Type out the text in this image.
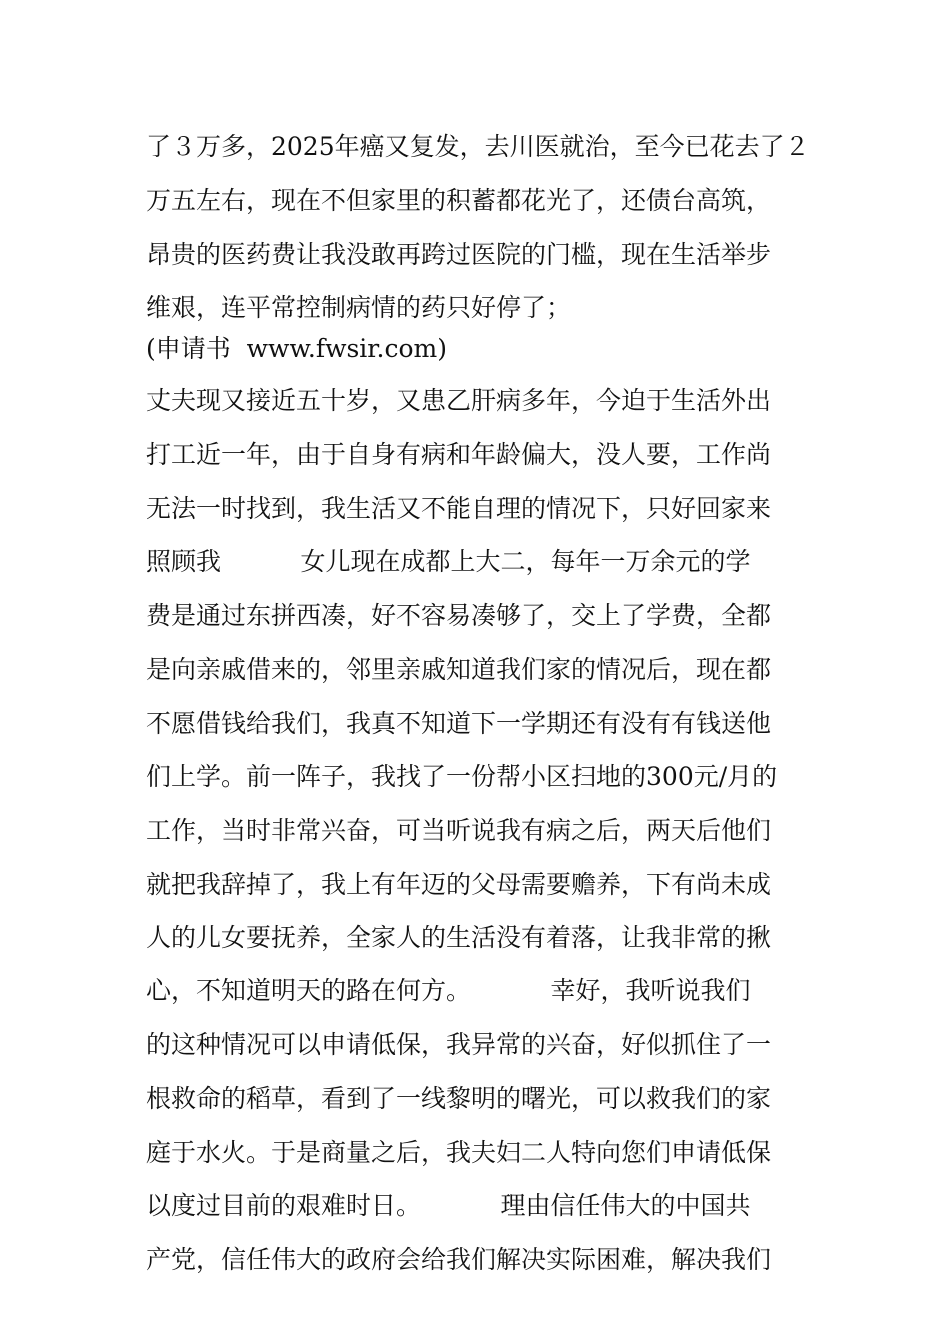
了３万多，2025年癌又复发，去川医就治，至今已花去了２
万五左右，现在不但家里的积蓄都花光了，还债台高筑，
昂贵的医药费让我没敢再跨过医院的门槛，现在生活举步
维艰，连平常控制病情的药只好停了；
(申请书  www.fwsir.com)
丈夫现又接近五十岁，又患乙肝病多年，今迫于生活外出
打工近一年，由于自身有病和年龄偏大，没人要，工作尚
无法一时找到，我生活又不能自理的情况下，只好回家来
照顾我          女儿现在成都上大二，每年一万余元的学
费是通过东拼西凑，好不容易凑够了，交上了学费，全都
是向亲戚借来的，邻里亲戚知道我们家的情况后，现在都
不愿借钱给我们，我真不知道下一学期还有没有有钱送他
们上学。前一阵子，我找了一份帮小区扫地的300元/月的
工作，当时非常兴奋，可当听说我有病之后，两天后他们
就把我辞掉了，我上有年迈的父母需要赡养，下有尚未成
人的儿女要抚养，全家人的生活没有着落，让我非常的揪
心，不知道明天的路在何方。          幸好，我听说我们
的这种情况可以申请低保，我异常的兴奋，好似抓住了一
根救命的稻草，看到了一线黎明的曙光，可以救我们的家
庭于水火。于是商量之后，我夫妇二人特向您们申请低保
以度过目前的艰难时日。          理由信任伟大的中国共
产党，信任伟大的政府会给我们解决实际困难，解决我们
